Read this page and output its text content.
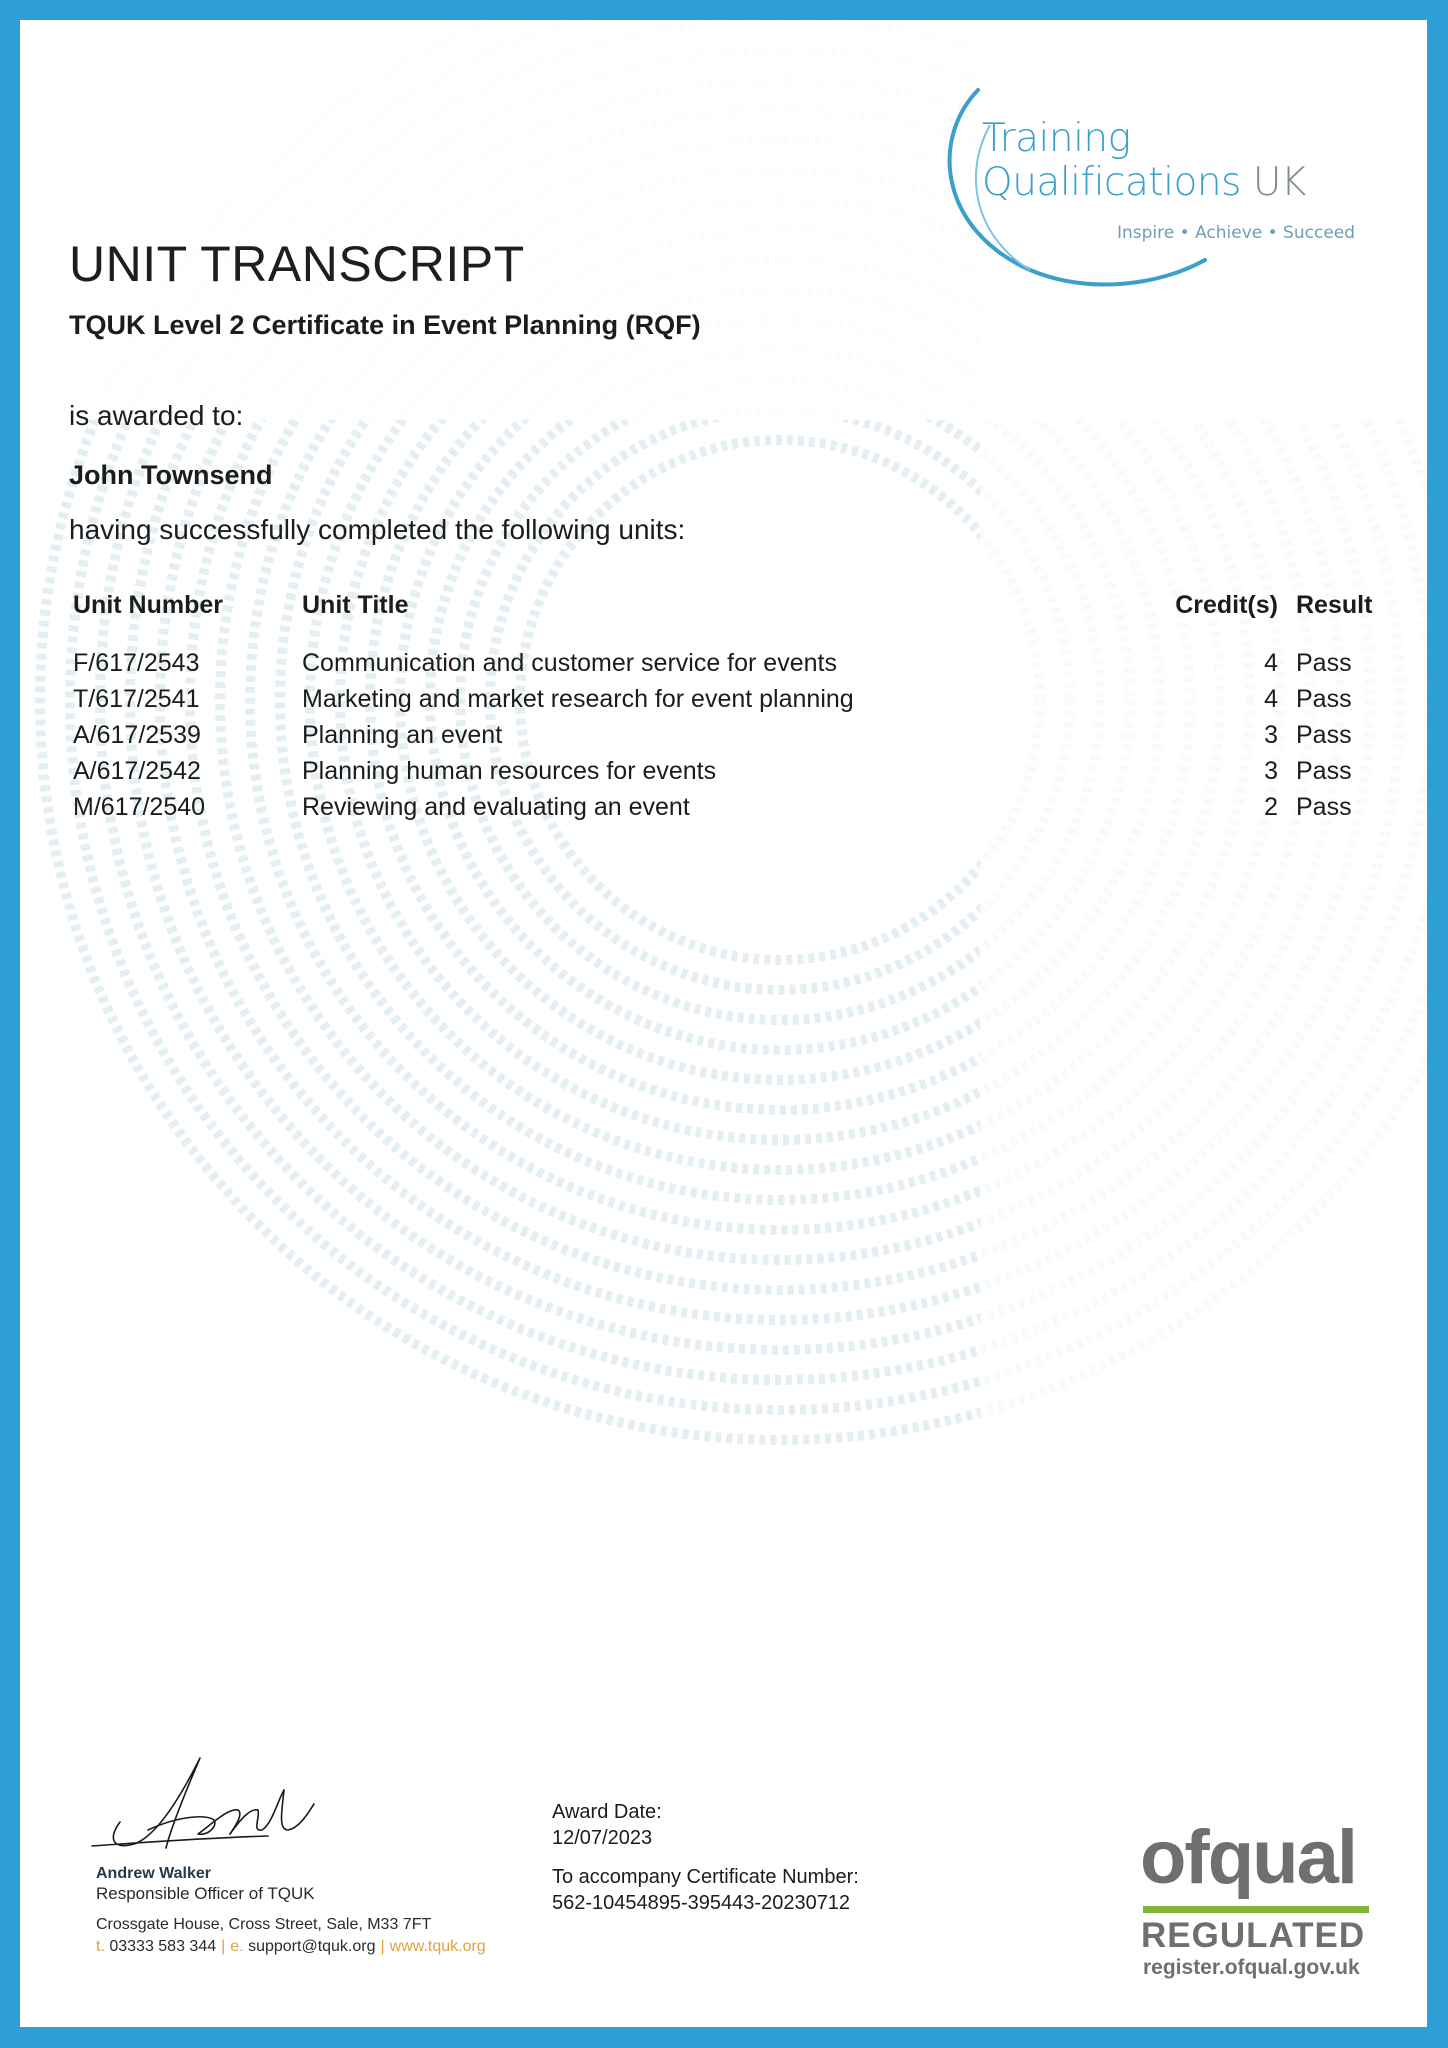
Training
Qualifications UK
Inspire • Achieve • Succeed
UNIT TRANSCRIPT
TQUK Level 2 Certificate in Event Planning (RQF)
is awarded to:
John Townsend
having successfully completed the following units:
Unit Number	Unit Title	Credit(s) Result
F/617/2543	Communication and customer service for events	4 Pass
T/617/2541	Marketing and market research for event planning	4 Pass
A/617/2539	Planning an event	3 Pass
A/617/2542	Planning human resources for events	3 Pass
M/617/2540	Reviewing and evaluating an event	2 Pass
Andrew Walker
Responsible Officer of TQUK
Crossgate House, Cross Street, Sale, M33 7FT
t. 03333 583 344 | e. support@tquk.org | www.tquk.org
Award Date:
12/07/2023
To accompany Certificate Number:
562-10454895-395443-20230712
ofqual
REGULATED
register.ofqual.gov.uk
